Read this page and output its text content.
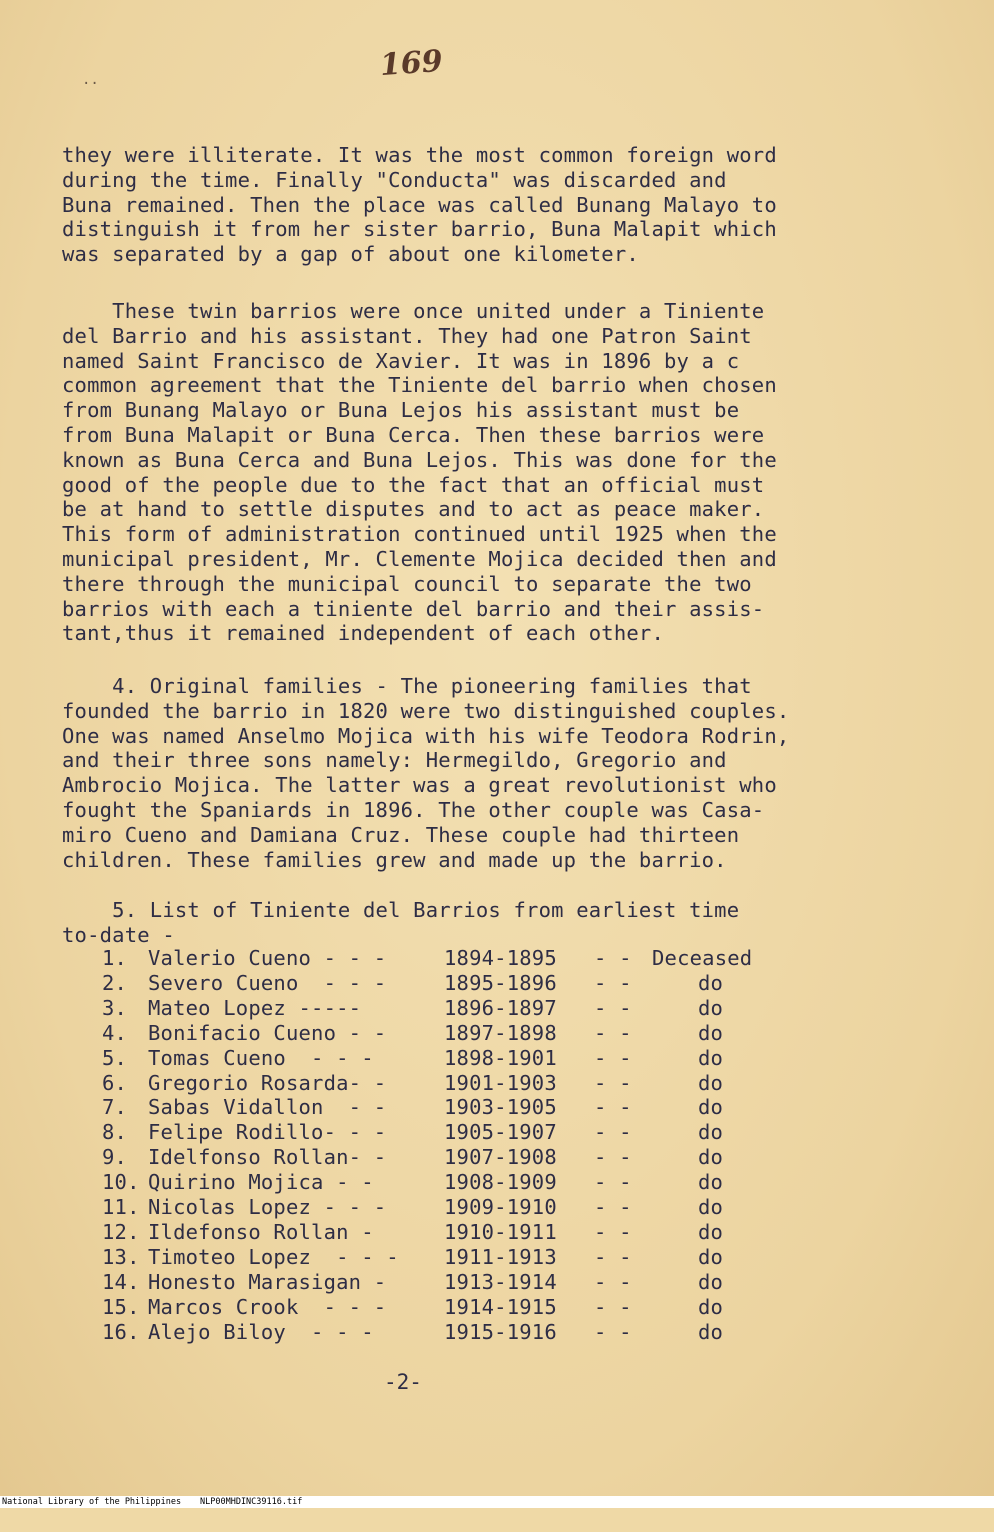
..	169

they were illiterate. It was the most common foreign word
during the time. Finally "Conducta" was discarded and
Buna remained. Then the place was called Bunang Malayo to
distinguish it from her sister barrio, Buna Malapit which
was separated by a gap of about one kilometer.

These twin barrios were once united under a Tiniente
del Barrio and his assistant. They had one Patron Saint
named Saint Francisco de Xavier. It was in 1896 by a c
common agreement that the Tiniente del barrio when chosen
from Bunang Malayo or Buna Lejos his assistant must be
from Buna Malapit or Buna Cerca. Then these barrios were
known as Buna Cerca and Buna Lejos. This was done for the
good of the people due to the fact that an official must
be at hand to settle disputes and to act as peace maker.
This form of administration continued until 1925 when the
municipal president, Mr. Clemente Mojica decided then and
there through the municipal council to separate the two
barrios with each a tiniente del barrio and their assis-
tant,thus it remained independent of each other.

4. Original families - The pioneering families that
founded the barrio in 1820 were two distinguished couples.
One was named Anselmo Mojica with his wife Teodora Rodrin,
and their three sons namely: Hermegildo, Gregorio and
Ambrocio Mojica. The latter was a great revolutionist who
fought the Spaniards in 1896. The other couple was Casa-
miro Cueno and Damiana Cruz. These couple had thirteen
children. These families grew and made up the barrio.

5. List of Tiniente del Barrios from earliest time
to-date -

1.	Valerio Cueno - - -	1894-1895 - - Deceased
2.	Severo Cueno  - - -	1895-1896 - -	do
3.	Mateo Lopez -----	1896-1897 - -	do
4.	Bonifacio Cueno - -	1897-1898 - -	do
5.	Tomas Cueno  - - -	1898-1901 - -	do
6.	Gregorio Rosarda- -	1901-1903 - -	do
7.	Sabas Vidallon  - -	1903-1905 - -	do
8.	Felipe Rodillo- - -	1905-1907 - -	do
9.	Idelfonso Rollan- -	1907-1908 - -	do
10. Quirino Mojica - -	1908-1909 - -	do
11. Nicolas Lopez - - -	1909-1910 - -	do
12. Ildefonso Rollan -	1910-1911 - -	do
13. Timoteo Lopez  - - - 1911-1913 - -	do
14. Honesto Marasigan -	1913-1914 - -	do
15. Marcos Crook  - - -	1914-1915 - -	do
16. Alejo Biloy  - - -	1915-1916 - -	do
-2-

National Library of the Philippines

NLP00MHDINC39116.tif
